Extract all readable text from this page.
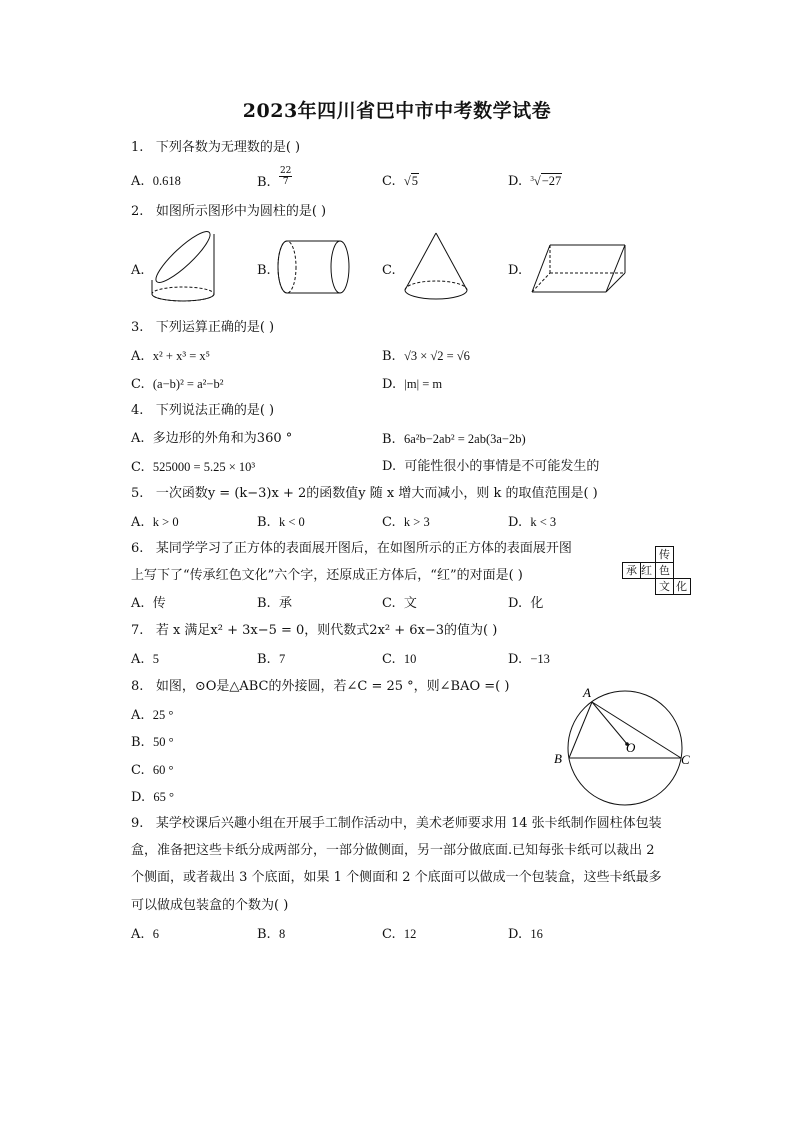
2023年四川省巴中市中考数学试卷
1. 下列各数为无理数的是( )
A. 0.618	B. $\frac{22}{7}$	C. √5	D. $^3$√−27
2. 如图所示图形中为圆柱的是( )
A.	B.	C.	D.
3. 下列运算正确的是( )
A. x² + x³ = x⁵	B. √3 × √2 = √6
C. (a−b)² = a²−b²	D. |m| = m
4. 下列说法正确的是( )
A. 多边形的外角和为360 °	B. 6a²b−2ab² = 2ab(3a−2b)
C. 525000 = 5.25 × 10³	D. 可能性很小的事情是不可能发生的
5. 一次函数y = (k−3)x + 2的函数值y 随 x 增大而减小，则 k 的取值范围是( )
A. k > 0	B. k < 0	C. k > 3	D. k < 3
6. 某同学学习了正方体的表面展开图后，在如图所示的正方体的表面展开图
上写下了“传承红色文化”六个字，还原成正方体后，“红”的对面是( )
A. 传	B. 承	C. 文	D. 化
传
承 红 色
文 化
7. 若 x 满足x² + 3x−5 = 0，则代数式2x² + 6x−3的值为( )
A. 5	B. 7	C. 10	D. −13
8. 如图，⊙O是△ABC的外接圆，若∠C = 25 °，则∠BAO =( )
A. 25 °
B. 50 °
C. 60 °
D. 65 °
A
B	C
O
9. 某学校课后兴趣小组在开展手工制作活动中，美术老师要求用 14 张卡纸制作圆柱体包装
盒，准备把这些卡纸分成两部分，一部分做侧面，另一部分做底面.已知每张卡纸可以裁出 2
个侧面，或者裁出 3 个底面，如果 1 个侧面和 2 个底面可以做成一个包装盒，这些卡纸最多
可以做成包装盒的个数为( )
A. 6	B. 8	C. 12	D. 16
